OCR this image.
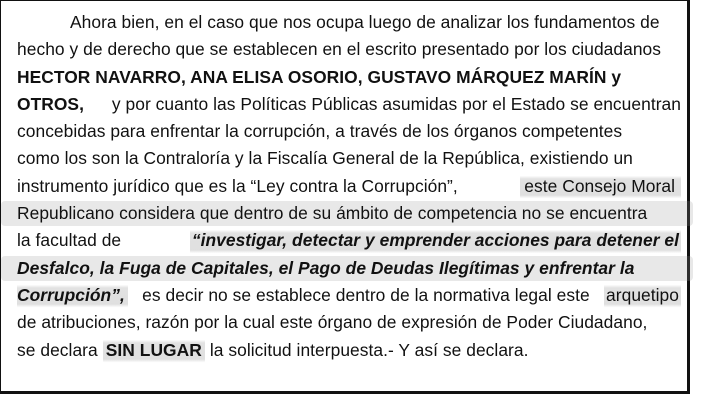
Ahora bien, en el caso que nos ocupa luego de analizar los fundamentos de
hecho y de derecho que se establecen en el escrito presentado por los ciudadanos
HECTOR NAVARRO, ANA ELISA OSORIO, GUSTAVO MÁRQUEZ MARÍN y
OTROS, y por cuanto las Políticas Públicas asumidas por el Estado se encuentran
concebidas para enfrentar la corrupción, a través de los órganos competentes
como los son la Contraloría y la Fiscalía General de la República, existiendo un
instrumento jurídico que es la “Ley contra la Corrupción”,	este Consejo Moral
Republicano considera que dentro de su ámbito de competencia no se encuentra
la facultad de	“investigar, detectar y emprender acciones para detener el
Desfalco, la Fuga de Capitales, el Pago de Deudas Ilegítimas y enfrentar la
Corrupción”, es decir no se establece dentro de la normativa legal este arquetipo
de atribuciones, razón por la cual este órgano de expresión de Poder Ciudadano,
se declara SIN LUGAR la solicitud interpuesta.- Y así se declara.
